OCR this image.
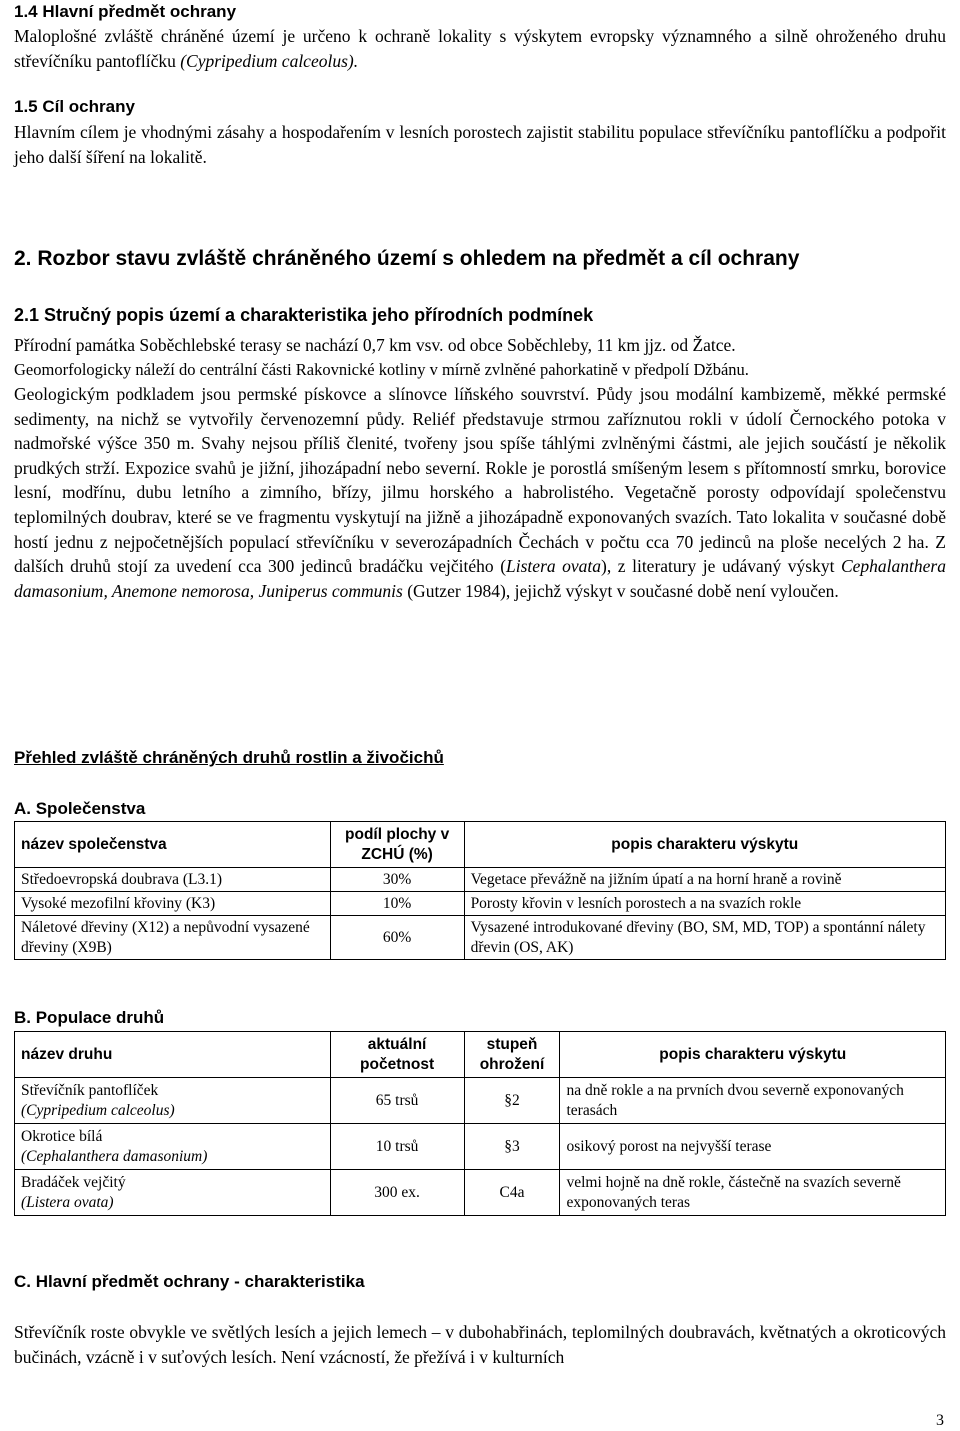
1.4 Hlavní předmět ochrany

Maloplošné zvláště chráněné území je určeno k ochraně lokality s výskytem evropsky významného a silně ohroženého druhu střevíčníku pantoflíčku (Cypripedium calceolus).

1.5 Cíl ochrany

Hlavním cílem je vhodnými zásahy a hospodařením v lesních porostech zajistit stabilitu populace střevíčníku pantoflíčku a podpořit jeho další šíření na lokalitě.

2. Rozbor stavu zvláště chráněného území s ohledem na předmět a cíl ochrany
2.1 Stručný popis území a charakteristika jeho přírodních podmínek

Přírodní památka Soběchlebské terasy se nachází 0,7 km vsv. od obce Soběchleby, 11 km jjz. od Žatce.

Geomorfologicky náleží do centrální části Rakovnické kotliny v mírně zvlněné pahorkatině v předpolí Džbánu.

Geologickým podkladem jsou permské pískovce a slínovce líňského souvrství. Půdy jsou modální kambizemě, měkké permské sedimenty, na nichž se vytvořily červenozemní půdy. Reliéf představuje strmou zaříznutou rokli v údolí Černockého potoka v nadmořské výšce 350 m. Svahy nejsou příliš členité, tvořeny jsou spíše táhlými zvlněnými částmi, ale jejich součástí je několik prudkých strží. Expozice svahů je jižní, jihozápadní nebo severní. Rokle je porostlá smíšeným lesem s přítomností smrku, borovice lesní, modřínu, dubu letního a zimního, břízy, jilmu horského a habrolistého. Vegetačně porosty odpovídají společenstvu teplomilných doubrav, které se ve fragmentu vyskytují na jižně a jihozápadně exponovaných svazích. Tato lokalita v současné době hostí jednu z nejpočetnějších populací střevíčníku v severozápadních Čechách v počtu cca 70 jedinců na ploše necelých 2 ha. Z dalších druhů stojí za uvedení cca 300 jedinců bradáčku vejčitého (Listera ovata), z literatury je udávaný výskyt Cephalanthera damasonium, Anemone nemorosa, Juniperus communis (Gutzer 1984), jejichž výskyt v současné době není vyloučen.

Přehled zvláště chráněných druhů rostlin a živočichů
A. Společenstva
název společenstva	podíl plochy v ZCHÚ (%)	popis charakteru výskytu
Středoevropská doubrava (L3.1)	30%	Vegetace převážně na jižním úpatí a na horní hraně a rovině
Vysoké mezofilní křoviny (K3)	10%	Porosty křovin v lesních porostech a na svazích rokle
Náletové dřeviny (X12) a nepůvodní vysazené dřeviny (X9B)	60%	Vysazené introdukované dřeviny (BO, SM, MD, TOP) a spontánní nálety dřevin (OS, AK)
B. Populace druhů
název druhu	aktuální početnost	stupeň ohrožení	popis charakteru výskytu

Střevíčník pantoflíček
(Cypripedium calceolus)	65 trsů	§2	na dně rokle a na prvních dvou severně exponovaných terasách

Okrotice bílá
(Cephalanthera damasonium)	10 trsů	§3	osikový porost na nejvyšší terase

Bradáček vejčitý
(Listera ovata)	300 ex.	C4a	velmi hojně na dně rokle, částečně na svazích severně exponovaných teras
C. Hlavní předmět ochrany - charakteristika

Střevíčník roste obvykle ve světlých lesích a jejich lemech – v dubohabřinách, teplomilných doubravách, květnatých a okroticových bučinách, vzácně i v suťových lesích. Není vzácností, že přežívá i v kulturních

3
